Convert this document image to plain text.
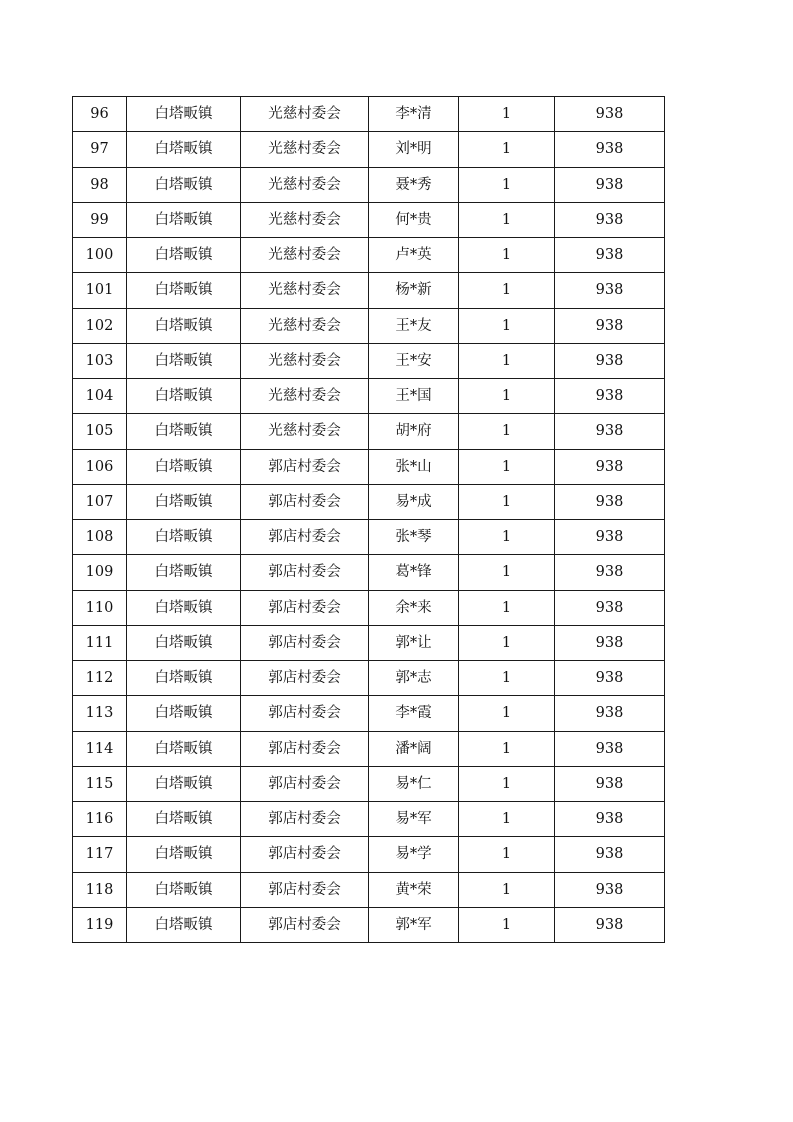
96	白塔畈镇	光慈村委会	李*清	1	938
97	白塔畈镇	光慈村委会	刘*明	1	938
98	白塔畈镇	光慈村委会	聂*秀	1	938
99	白塔畈镇	光慈村委会	何*贵	1	938
100	白塔畈镇	光慈村委会	卢*英	1	938
101	白塔畈镇	光慈村委会	杨*新	1	938
102	白塔畈镇	光慈村委会	王*友	1	938
103	白塔畈镇	光慈村委会	王*安	1	938
104	白塔畈镇	光慈村委会	王*国	1	938
105	白塔畈镇	光慈村委会	胡*府	1	938
106	白塔畈镇	郭店村委会	张*山	1	938
107	白塔畈镇	郭店村委会	易*成	1	938
108	白塔畈镇	郭店村委会	张*琴	1	938
109	白塔畈镇	郭店村委会	葛*锋	1	938
110	白塔畈镇	郭店村委会	余*来	1	938
111	白塔畈镇	郭店村委会	郭*让	1	938
112	白塔畈镇	郭店村委会	郭*志	1	938
113	白塔畈镇	郭店村委会	李*霞	1	938
114	白塔畈镇	郭店村委会	潘*阔	1	938
115	白塔畈镇	郭店村委会	易*仁	1	938
116	白塔畈镇	郭店村委会	易*军	1	938
117	白塔畈镇	郭店村委会	易*学	1	938
118	白塔畈镇	郭店村委会	黄*荣	1	938
119	白塔畈镇	郭店村委会	郭*军	1	938
